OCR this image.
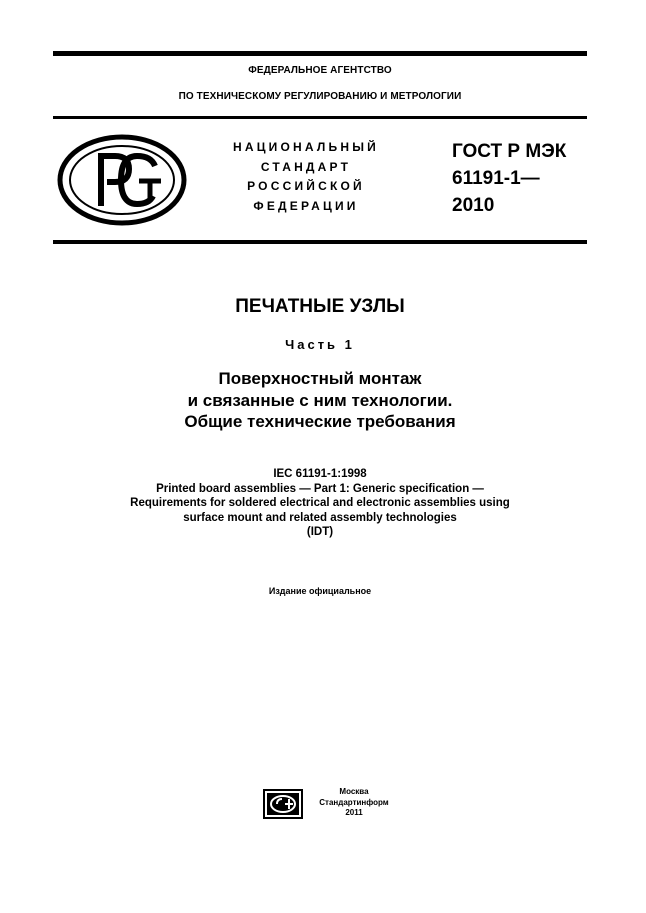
ФЕДЕРАЛЬНОЕ АГЕНТСТВО
ПО ТЕХНИЧЕСКОМУ РЕГУЛИРОВАНИЮ И МЕТРОЛОГИИ
НАЦИОНАЛЬНЫЙ
СТАНДАРТ
РОССИЙСКОЙ
ФЕДЕРАЦИИ
ГОСТ Р МЭК
61191-1—
2010
ПЕЧАТНЫЕ УЗЛЫ
Часть 1
Поверхностный монтаж
и связанные с ним технологии.
Общие технические требования
IEC 61191-1:1998
Printed board assemblies — Part 1: Generic specification —
Requirements for soldered electrical and electronic assemblies using
surface mount and related assembly technologies
(IDT)
Издание официальное
Москва
Стандартинформ
2011
